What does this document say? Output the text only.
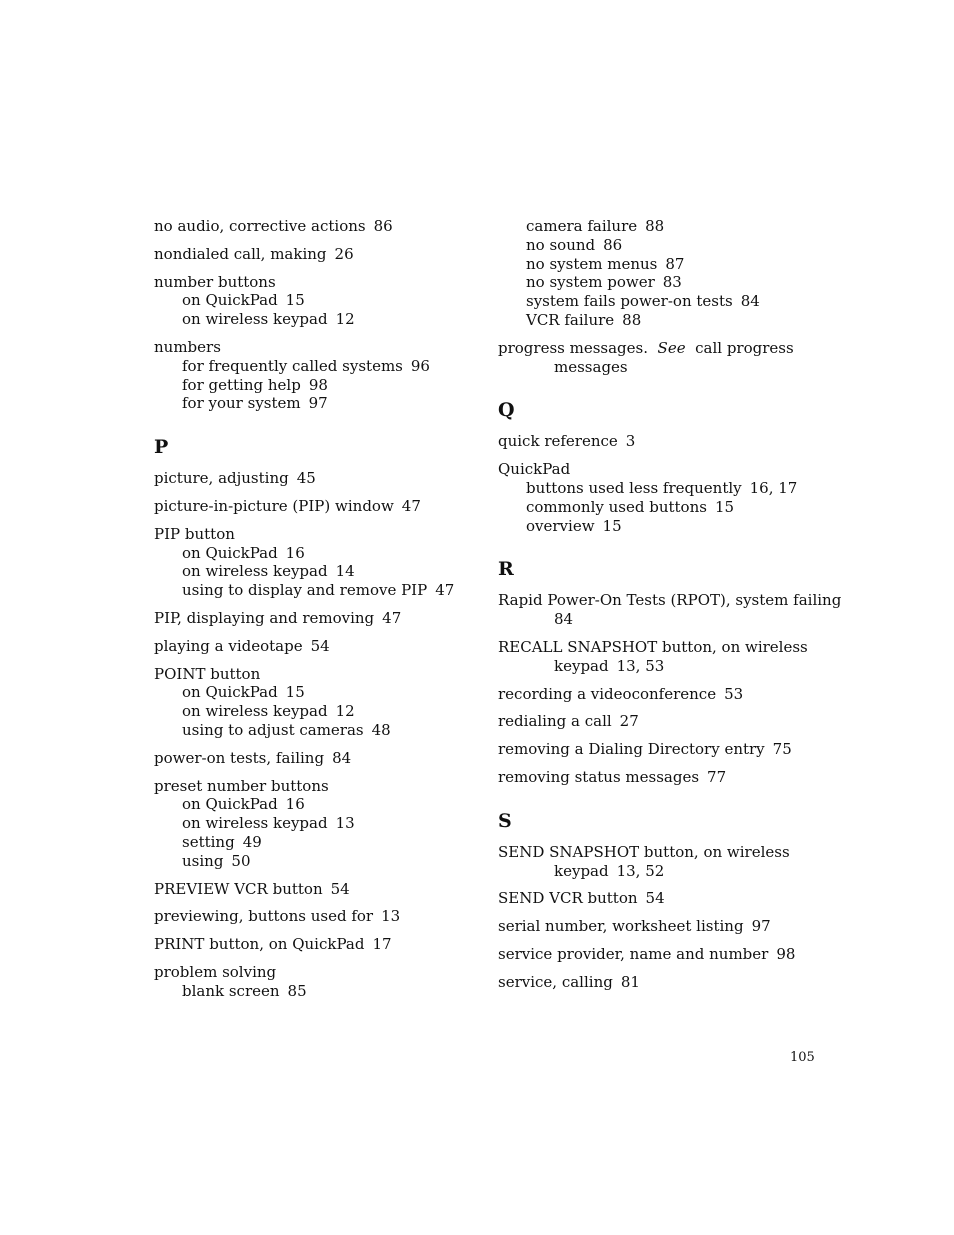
no audio, corrective actions 86
nondialed call, making 26
number buttons
on QuickPad 15
on wireless keypad 12
numbers
for frequently called systems 96
for getting help 98
for your system 97
P
picture, adjusting 45
picture-in-picture (PIP) window 47
PIP button
on QuickPad 16
on wireless keypad 14
using to display and remove PIP 47
PIP, displaying and removing 47
playing a videotape 54
POINT button
on QuickPad 15
on wireless keypad 12
using to adjust cameras 48
power-on tests, failing 84
preset number buttons
on QuickPad 16
on wireless keypad 13
setting 49
using 50
PREVIEW VCR button 54
previewing, buttons used for 13
PRINT button, on QuickPad 17
problem solving
blank screen 85
camera failure 88
no sound 86
no system menus 87
no system power 83
system fails power-on tests 84
VCR failure 88
progress messages. See call progress
messages
Q
quick reference 3
QuickPad
buttons used less frequently 16, 17
commonly used buttons 15
overview 15
R
Rapid Power-On Tests (RPOT), system failing
84
RECALL SNAPSHOT button, on wireless
keypad 13, 53
recording a videoconference 53
redialing a call 27
removing a Dialing Directory entry 75
removing status messages 77
S
SEND SNAPSHOT button, on wireless
keypad 13, 52
SEND VCR button 54
serial number, worksheet listing 97
service provider, name and number 98
service, calling 81
105
